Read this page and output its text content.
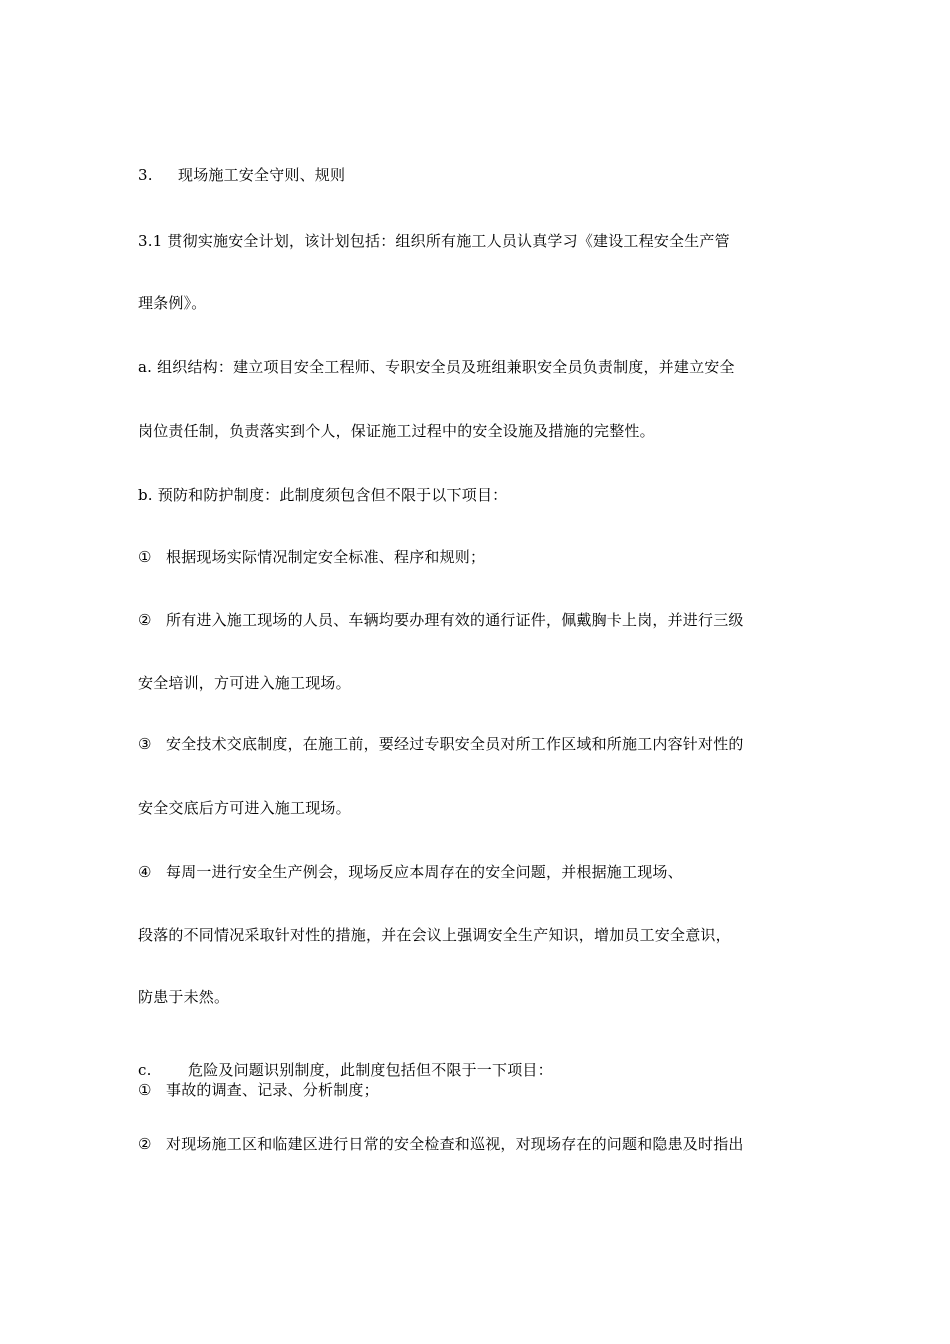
3. 现场施工安全守则、规则
3.1 贯彻实施安全计划，该计划包括：组织所有施工人员认真学习《建设工程安全生产管
理条例》。
a. 组织结构：建立项目安全工程师、专职安全员及班组兼职安全员负责制度，并建立安全
岗位责任制，负责落实到个人，保证施工过程中的安全设施及措施的完整性。
b. 预防和防护制度：此制度须包含但不限于以下项目：
① 根据现场实际情况制定安全标准、程序和规则；
② 所有进入施工现场的人员、车辆均要办理有效的通行证件，佩戴胸卡上岗，并进行三级
安全培训，方可进入施工现场。
③ 安全技术交底制度，在施工前，要经过专职安全员对所工作区域和所施工内容针对性的
安全交底后方可进入施工现场。
④ 每周一进行安全生产例会，现场反应本周存在的安全问题，并根据施工现场、
段落的不同情况采取针对性的措施，并在会议上强调安全生产知识，增加员工安全意识，
防患于未然。
c. 危险及问题识别制度，此制度包括但不限于一下项目：
① 事故的调查、记录、分析制度；
② 对现场施工区和临建区进行日常的安全检查和巡视，对现场存在的问题和隐患及时指出
